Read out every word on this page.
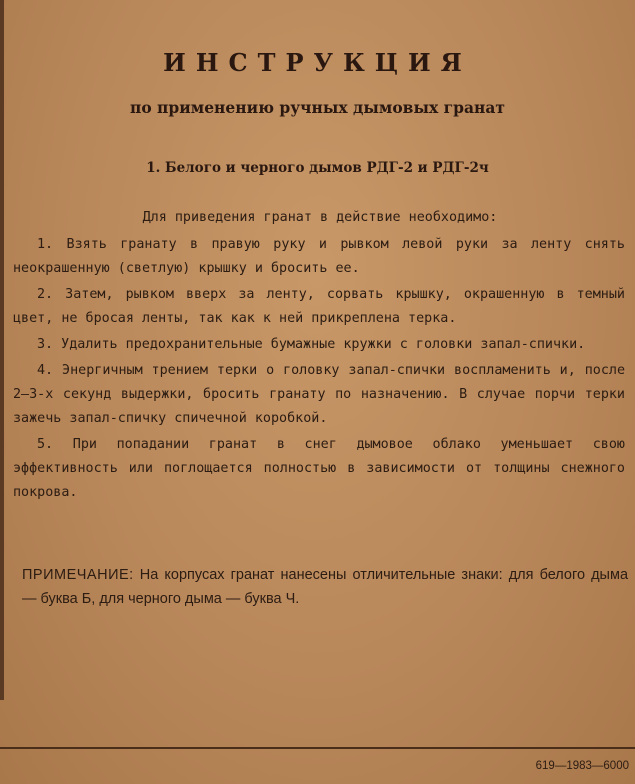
ИНСТРУКЦИЯ
по применению ручных дымовых гранат
1. Белого и черного дымов РДГ-2 и РДГ-2ч
Для приведения гранат в действие необходимо:

1. Взять гранату в правую руку и рывком левой руки за ленту снять неокрашенную (светлую) крышку и бросить ее.

2. Затем, рывком вверх за ленту, сорвать крышку, окрашенную в темный цвет, не бросая ленты, так как к ней прикреплена терка.

3. Удалить предохранительные бумажные кружки с головки запал-спички.

4. Энергичным трением терки о головку запал-спички воспламенить и, после 2—3-х секунд выдержки, бросить гранату по назначению. В случае порчи терки зажечь запал-спичку спичечной коробкой.

5. При попадании гранат в снег дымовое облако уменьшает свою эффективность или поглощается полностью в зависимости от толщины снежного покрова.

ПРИМЕЧАНИЕ: На корпусах гранат нанесены отличительные знаки: для белого дыма — буква Б, для черного дыма — буква Ч.
619—1983—6000
